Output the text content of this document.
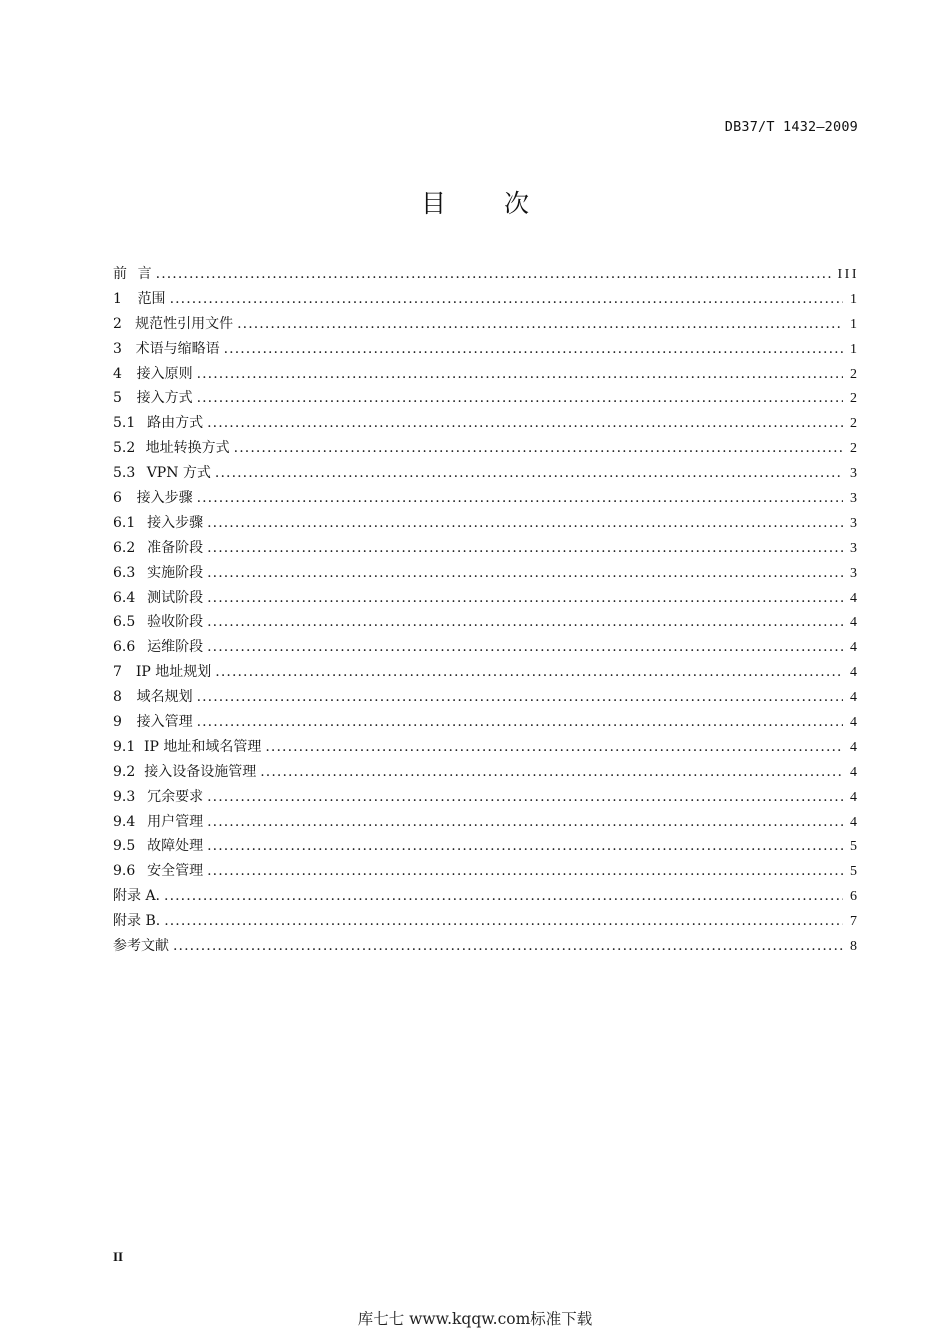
DB37/T 1432—2009
目 次
前 言 .....	III
1	范围 .....	1
2 规范性引用文件 .....	1
3 术语与缩略语 .....	1
4	接入原则 .....	2
5	接入方式 .....	2
5.1 路由方式 .....	2
5.2 地址转换方式 .....	2
5.3 VPN 方式 .....	3
6	接入步骤 .....	3
6.1 接入步骤 .....	3
6.2 准备阶段 .....	3
6.3 实施阶段 .....	3
6.4 测试阶段 .....	4
6.5 验收阶段 .....	4
6.6 运维阶段 .....	4
7 IP 地址规划 .....	4
8	域名规划 .....	4
9	接入管理 .....	4
9.1 IP 地址和域名管理 .....	4
9.2 接入设备设施管理 .....	4
9.3 冗余要求 .....	4
9.4 用户管理 .....	4
9.5 故障处理 .....	5
9.6 安全管理 .....	5
附录 A. .....	6
附录 B. .....	7
参考文献 .....	8
II
库七七 www.kqqw.com标准下载
